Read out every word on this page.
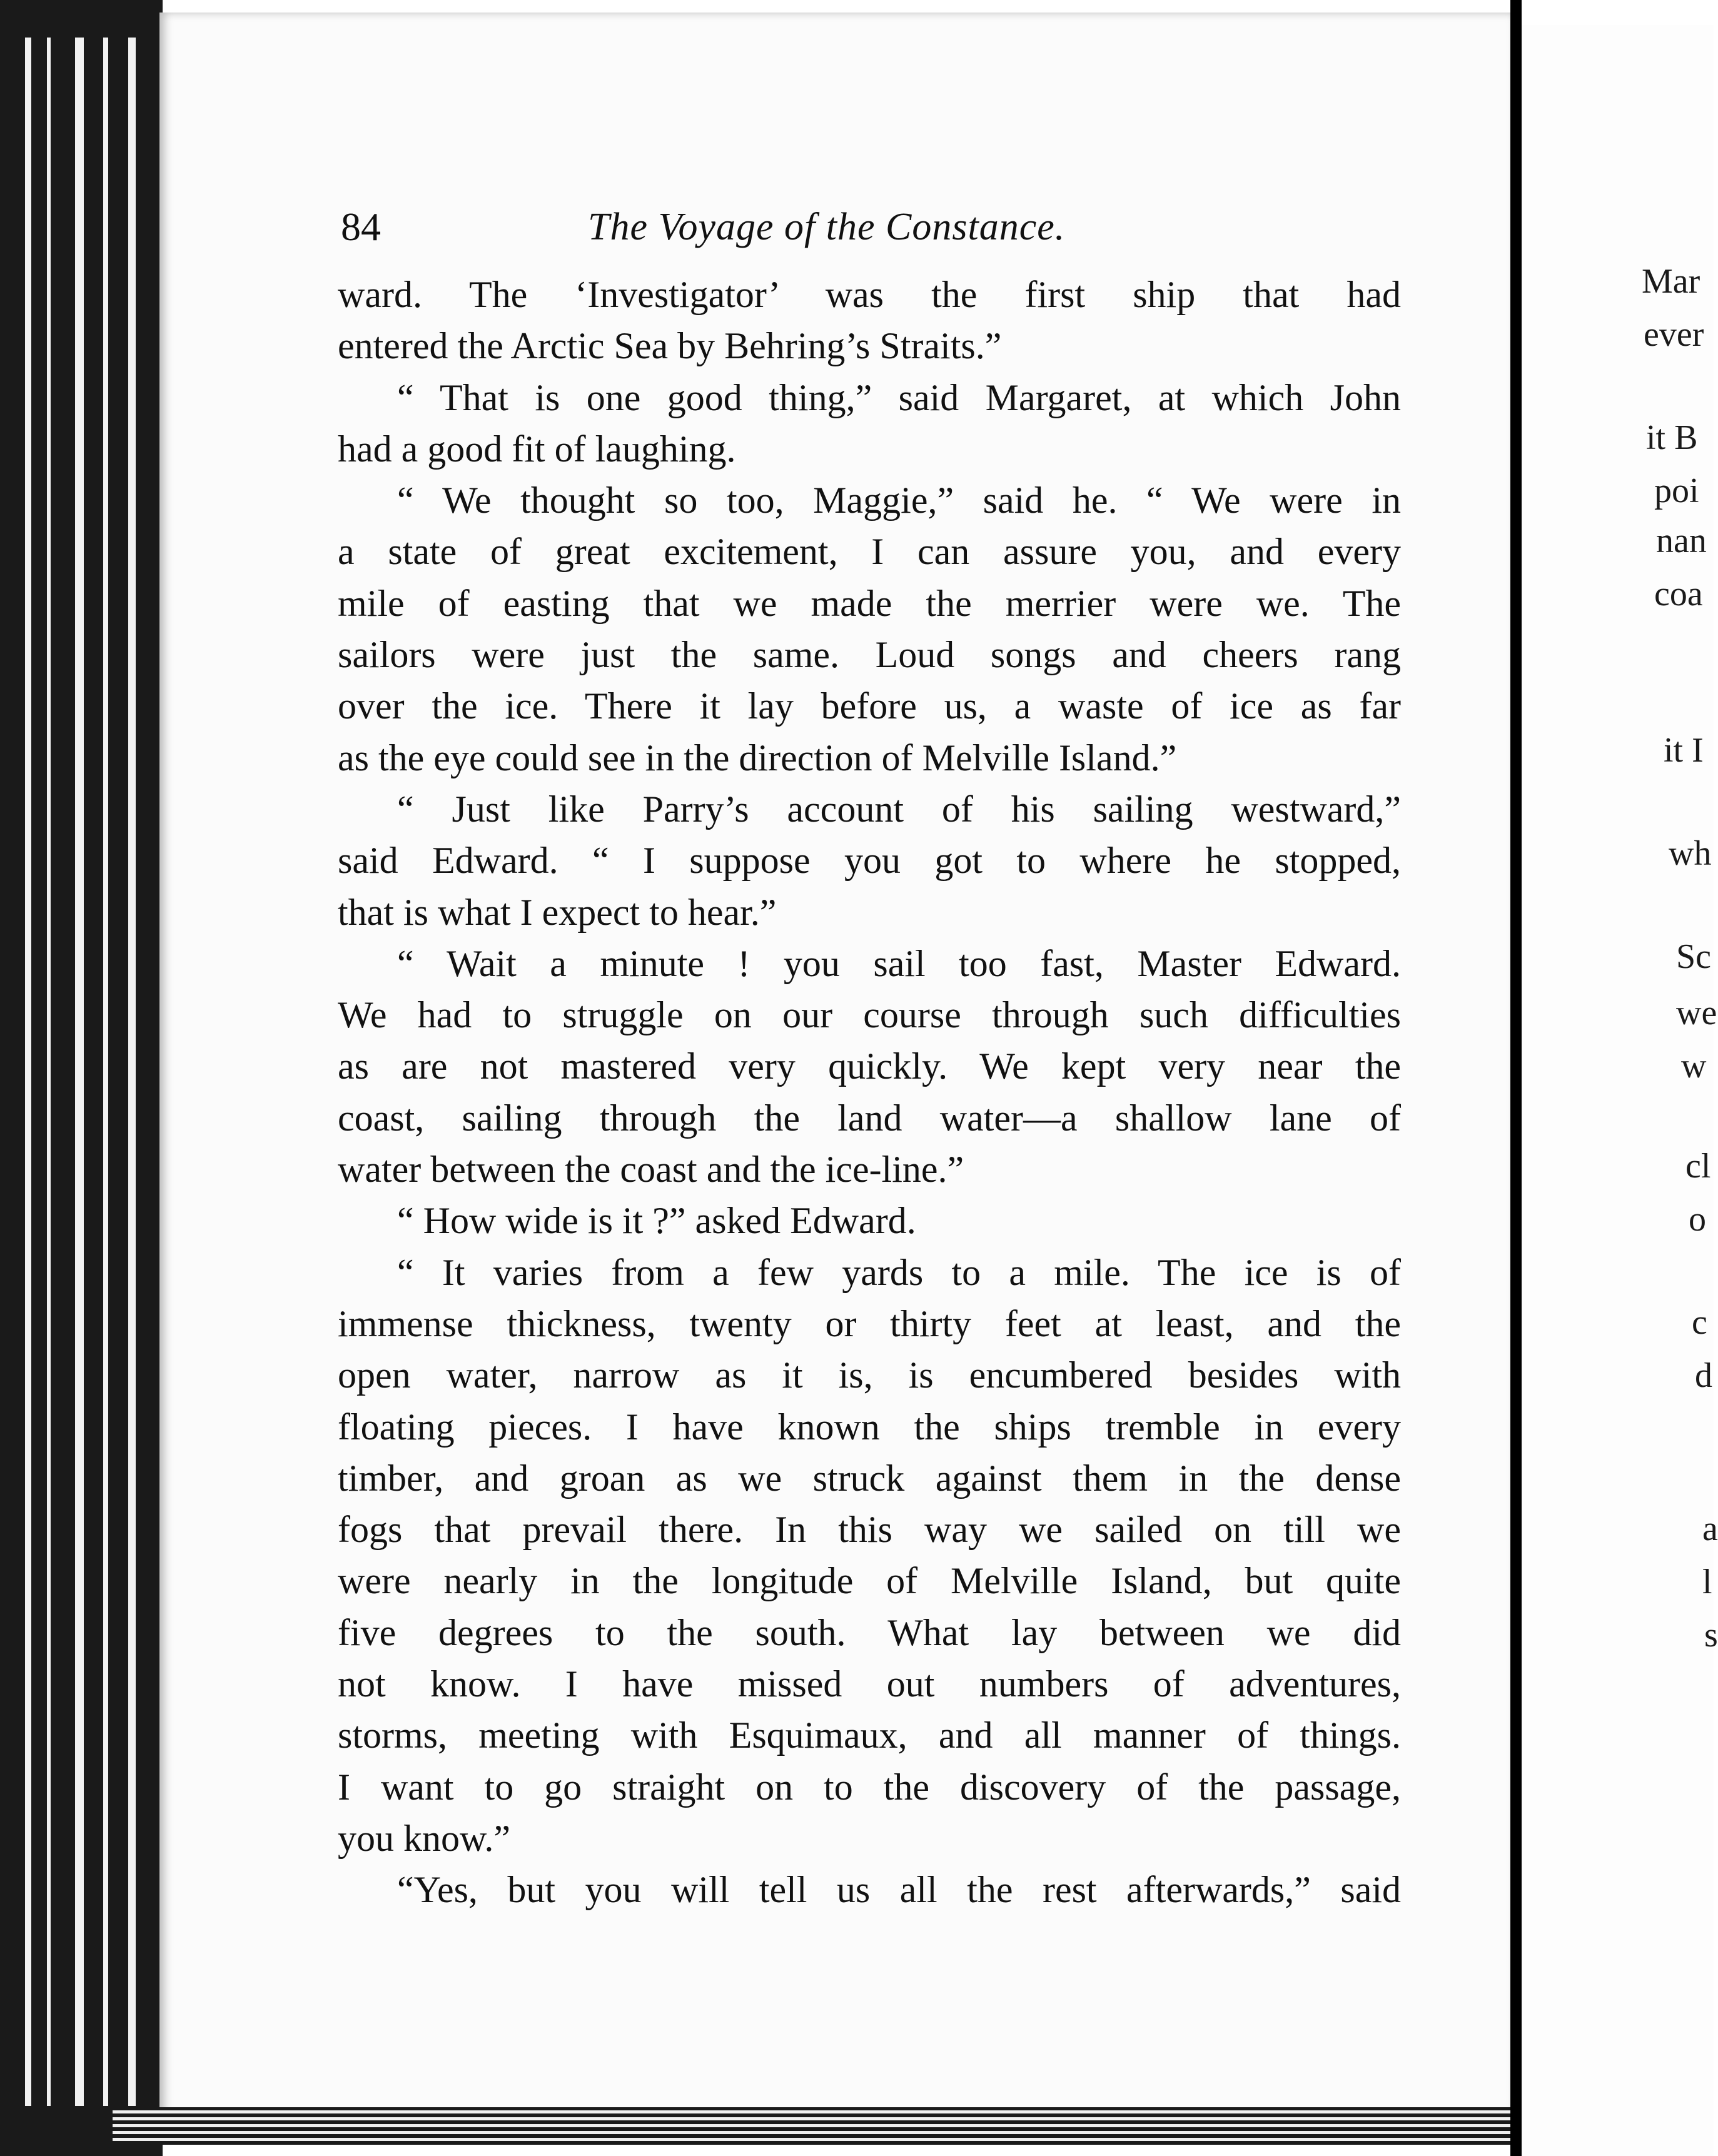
84	The Voyage of the Constance.
ward. The ‘Investigator’ was the first ship that had
entered the Arctic Sea by Behring’s Straits.”
“ That is one good thing,” said Margaret, at which John
had a good fit of laughing.
“ We thought so too, Maggie,” said he. “ We were in
a state of great excitement, I can assure you, and every
mile of easting that we made the merrier were we. The
sailors were just the same. Loud songs and cheers rang
over the ice. There it lay before us, a waste of ice as far
as the eye could see in the direction of Melville Island.”
“ Just like Parry’s account of his sailing westward,”
said Edward. “ I suppose you got to where he stopped,
that is what I expect to hear.”
“ Wait a minute ! you sail too fast, Master Edward.
We had to struggle on our course through such difficulties
as are not mastered very quickly. We kept very near the
coast, sailing through the land water—a shallow lane of
water between the coast and the ice-line.”
“ How wide is it ?” asked Edward.
“ It varies from a few yards to a mile. The ice is of
immense thickness, twenty or thirty feet at least, and the
open water, narrow as it is, is encumbered besides with
floating pieces. I have known the ships tremble in every
timber, and groan as we struck against them in the dense
fogs that prevail there. In this way we sailed on till we
were nearly in the longitude of Melville Island, but quite
five degrees to the south. What lay between we did
not know. I have missed out numbers of adventures,
storms, meeting with Esquimaux, and all manner of things.
I want to go straight on to the discovery of the passage,
you know.”
“Yes, but you will tell us all the rest afterwards,” said
Mar
ever
it B
poi
nan
coa
it I
wh
Sc
we
w
cl
o
c
d
a
l
s
